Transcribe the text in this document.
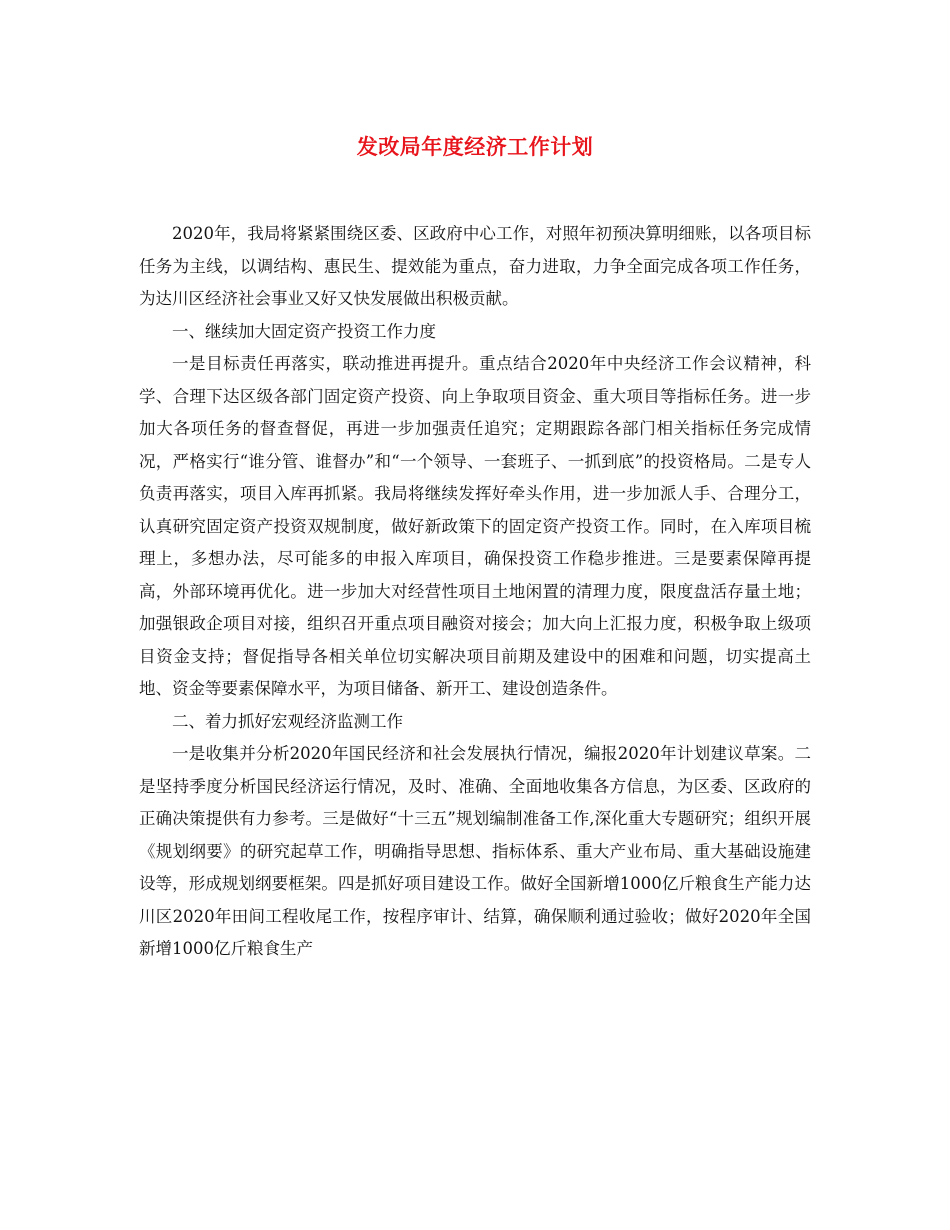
发改局年度经济工作计划

2020年，我局将紧紧围绕区委、区政府中心工作，对照年初预决算明细账，以各项目标任务为主线，以调结构、惠民生、提效能为重点，奋力进取，力争全面完成各项工作任务，为达川区经济社会事业又好又快发展做出积极贡献。

一、继续加大固定资产投资工作力度

一是目标责任再落实，联动推进再提升。重点结合2020年中央经济工作会议精神，科学、合理下达区级各部门固定资产投资、向上争取项目资金、重大项目等指标任务。进一步加大各项任务的督查督促，再进一步加强责任追究；定期跟踪各部门相关指标任务完成情况，严格实行“谁分管、谁督办”和“一个领导、一套班子、一抓到底”的投资格局。二是专人负责再落实，项目入库再抓紧。我局将继续发挥好牵头作用，进一步加派人手、合理分工，认真研究固定资产投资双规制度，做好新政策下的固定资产投资工作。同时，在入库项目梳理上，多想办法，尽可能多的申报入库项目，确保投资工作稳步推进。三是要素保障再提高，外部环境再优化。进一步加大对经营性项目土地闲置的清理力度，限度盘活存量土地；加强银政企项目对接，组织召开重点项目融资对接会；加大向上汇报力度，积极争取上级项目资金支持；督促指导各相关单位切实解决项目前期及建设中的困难和问题，切实提高土地、资金等要素保障水平，为项目储备、新开工、建设创造条件。

二、着力抓好宏观经济监测工作

一是收集并分析2020年国民经济和社会发展执行情况，编报2020年计划建议草案。二是坚持季度分析国民经济运行情况，及时、准确、全面地收集各方信息，为区委、区政府的正确决策提供有力参考。三是做好“十三五”规划编制准备工作,深化重大专题研究；组织开展《规划纲要》的研究起草工作，明确指导思想、指标体系、重大产业布局、重大基础设施建设等，形成规划纲要框架。四是抓好项目建设工作。做好全国新增1000亿斤粮食生产能力达川区2020年田间工程收尾工作，按程序审计、结算，确保顺利通过验收；做好2020年全国新增1000亿斤粮食生产
